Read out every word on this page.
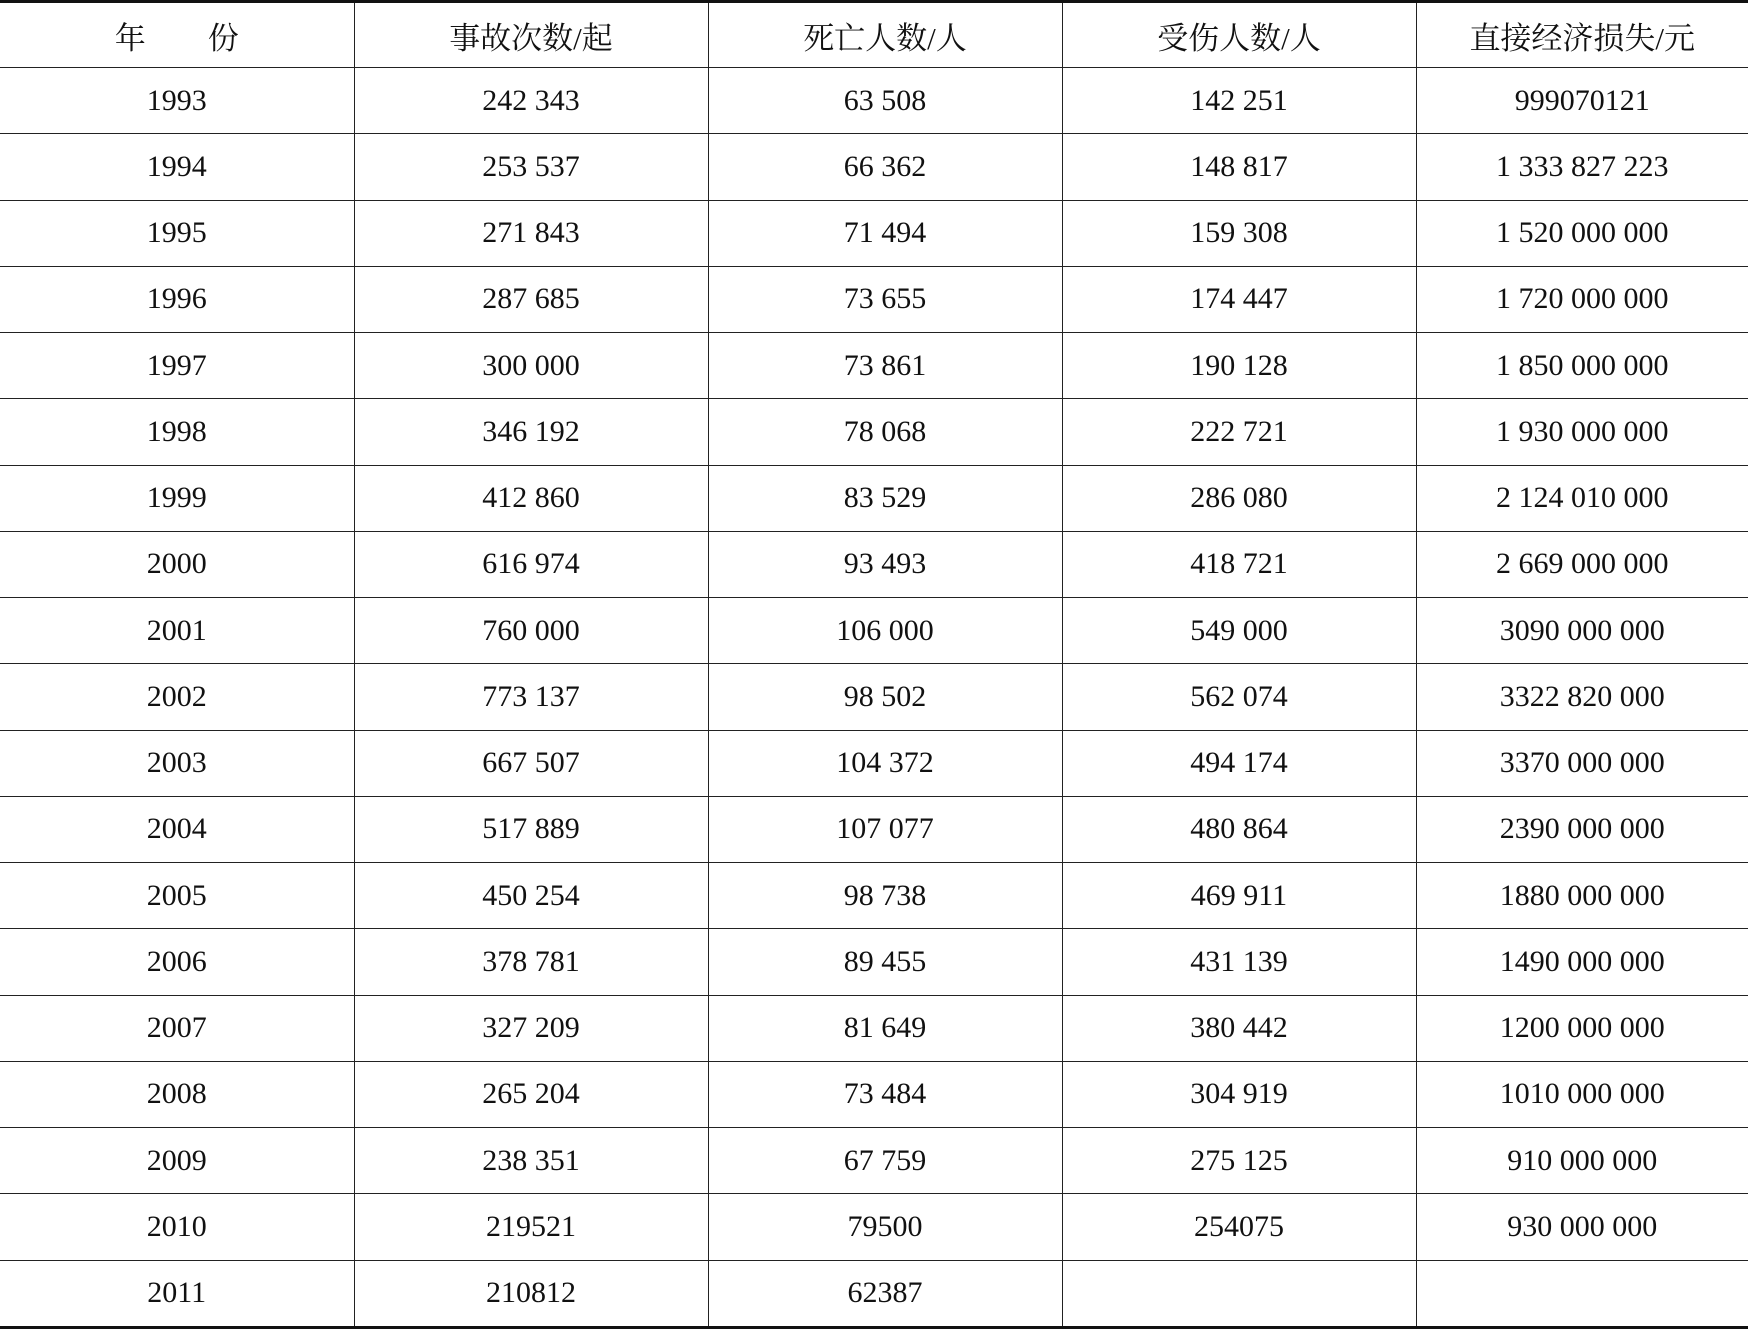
年　　份	事故次数/起	死亡人数/人	受伤人数/人	直接经济损失/元
1993	242 343	63 508	142 251	999070121
1994	253 537	66 362	148 817	1 333 827 223
1995	271 843	71 494	159 308	1 520 000 000
1996	287 685	73 655	174 447	1 720 000 000
1997	300 000	73 861	190 128	1 850 000 000
1998	346 192	78 068	222 721	1 930 000 000
1999	412 860	83 529	286 080	2 124 010 000
2000	616 974	93 493	418 721	2 669 000 000
2001	760 000	106 000	549 000	3090 000 000
2002	773 137	98 502	562 074	3322 820 000
2003	667 507	104 372	494 174	3370 000 000
2004	517 889	107 077	480 864	2390 000 000
2005	450 254	98 738	469 911	1880 000 000
2006	378 781	89 455	431 139	1490 000 000
2007	327 209	81 649	380 442	1200 000 000
2008	265 204	73 484	304 919	1010 000 000
2009	238 351	67 759	275 125	910 000 000
2010	219521	79500	254075	930 000 000
2011	210812	62387		
